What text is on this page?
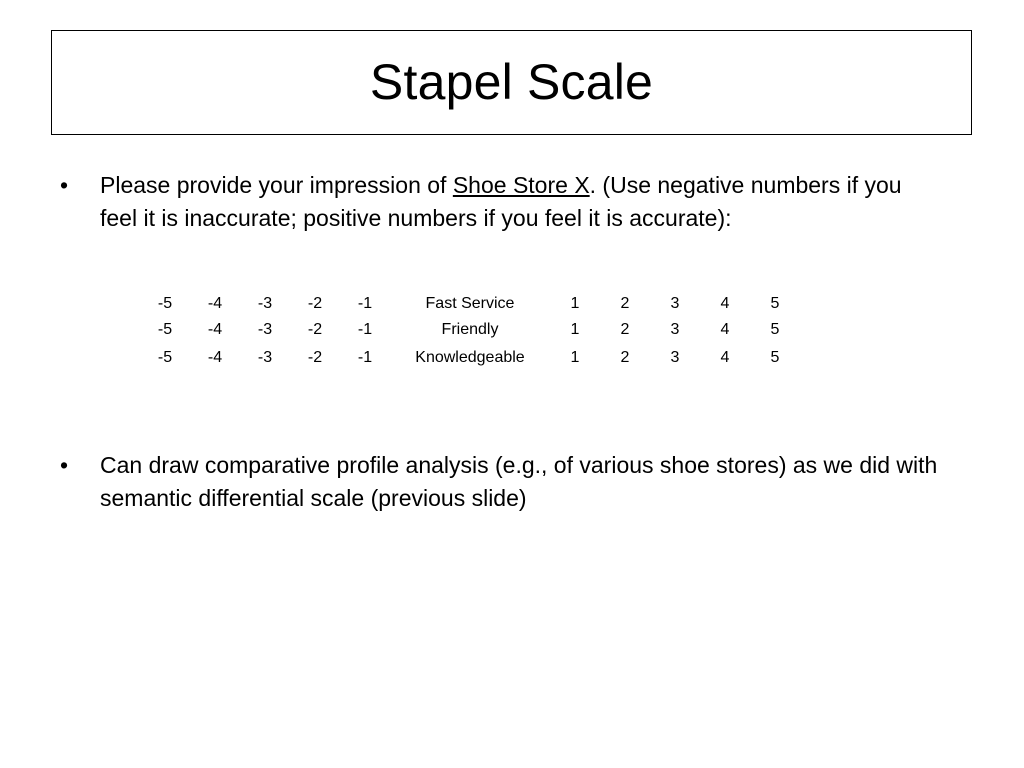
Stapel Scale
•	Please provide your impression of Shoe Store X. (Use negative numbers if you feel it is inaccurate; positive numbers if you feel it is accurate):
-5	-4	-3	-2	-1	Fast Service	1	2	3	4	5
-5	-4	-3	-2	-1	Friendly	1	2	3	4	5
-5	-4	-3	-2	-1	Knowledgeable	1	2	3	4	5
•	Can draw comparative profile analysis (e.g., of various shoe stores) as we did with semantic differential scale (previous slide)
